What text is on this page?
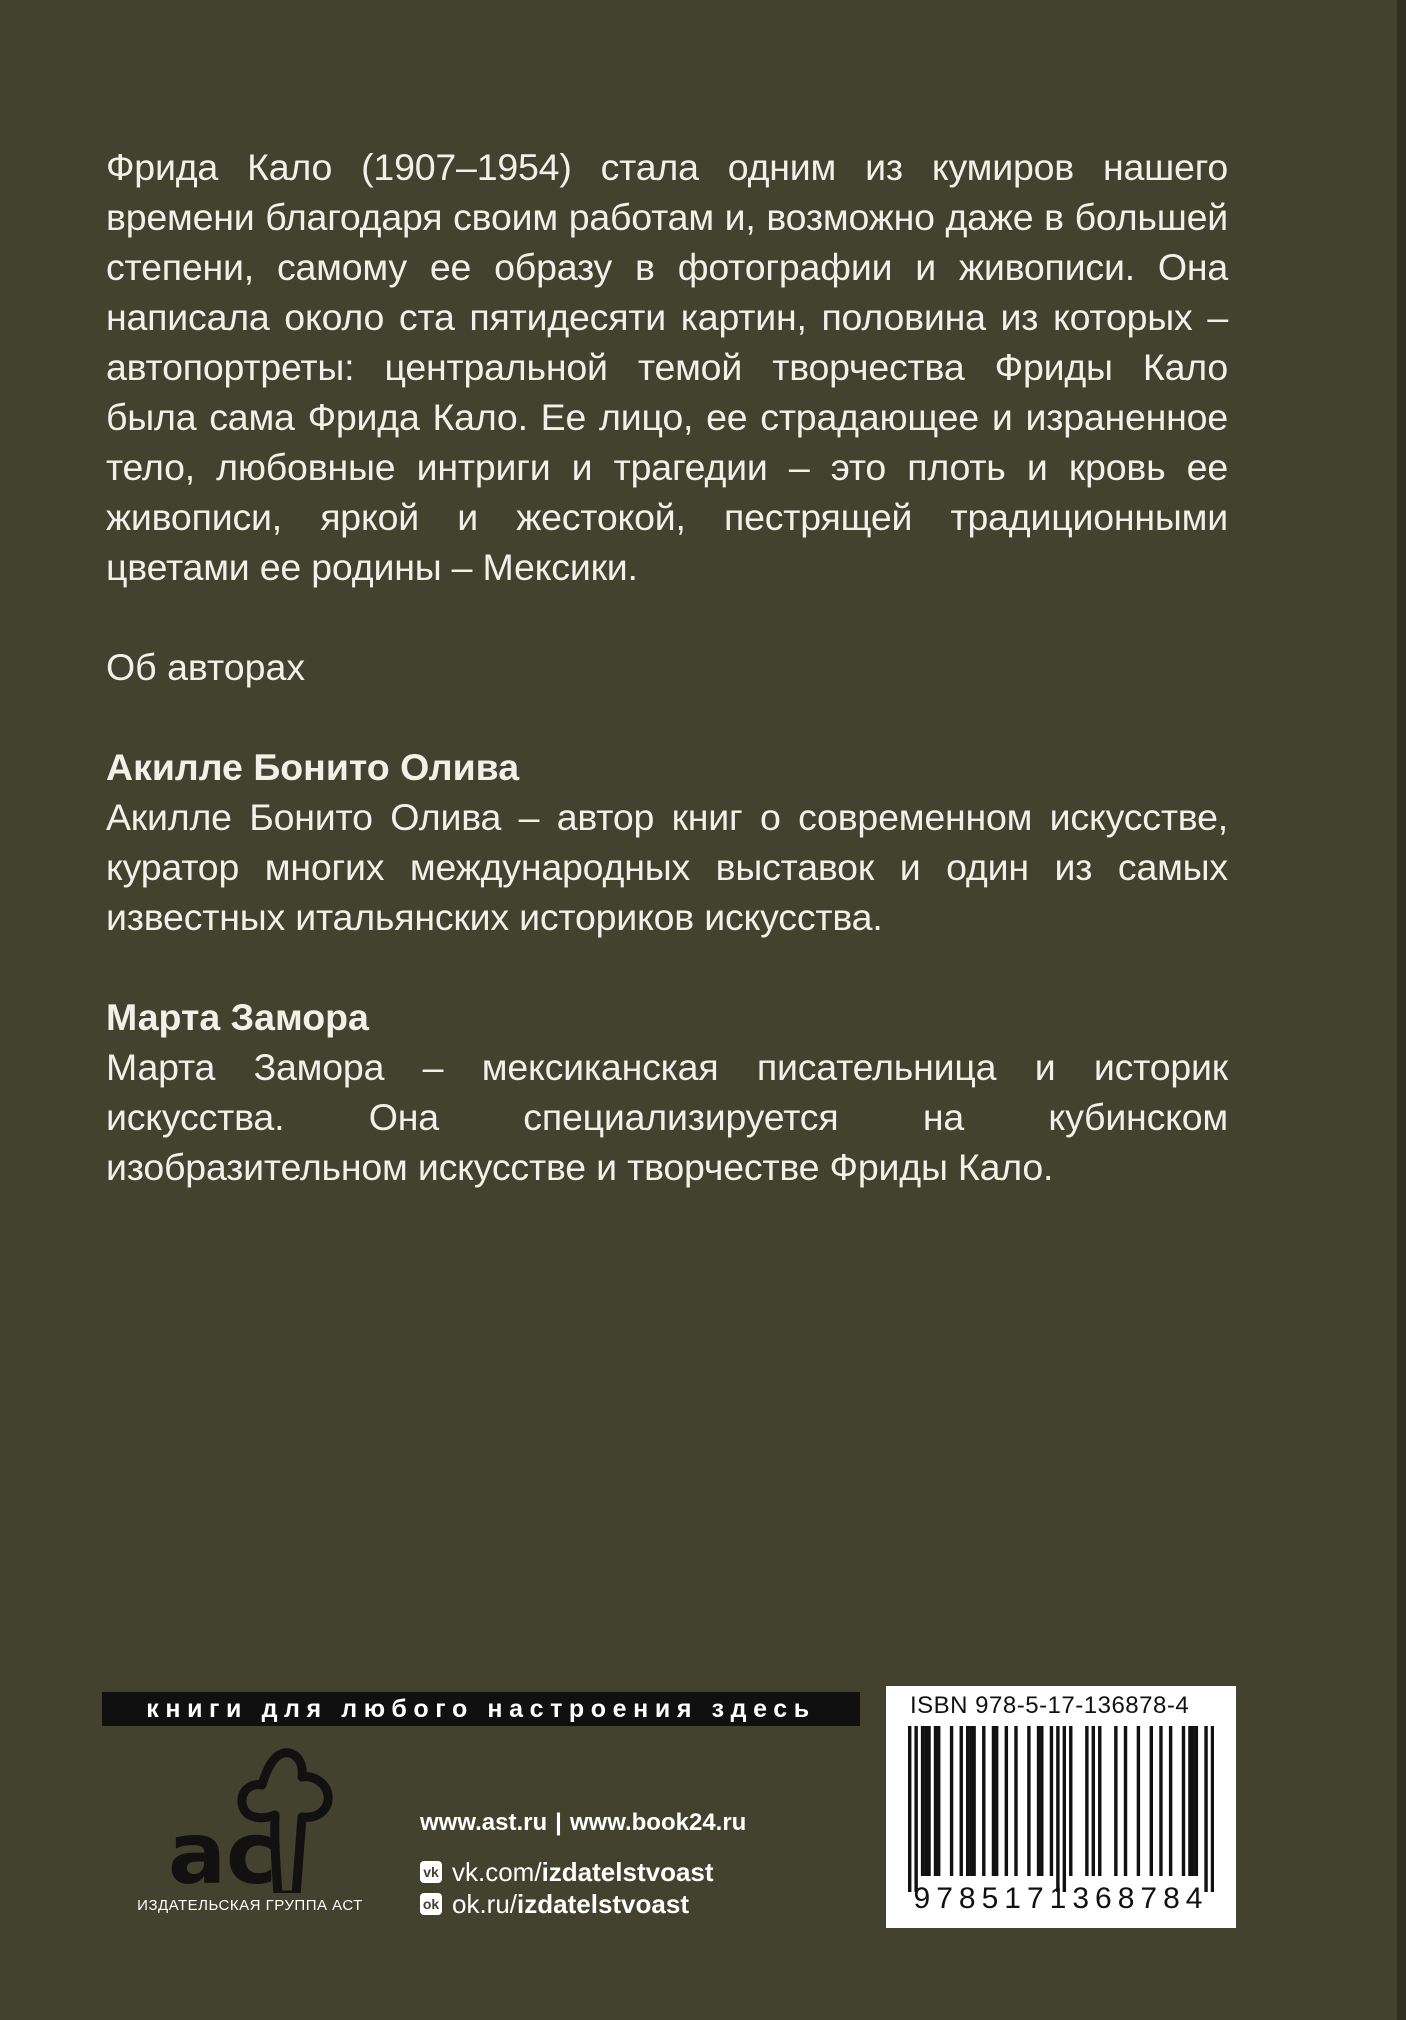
Фрида Кало (1907–1954) стала одним из кумиров нашего времени благодаря своим работам и, возможно даже в большей степени, самому ее образу в фотографии и живописи. Она написала около ста пятидесяти картин, половина из которых – автопортреты: центральной темой творчества Фриды Кало была сама Фрида Кало. Ее лицо, ее страдающее и израненное тело, любовные интриги и трагедии – это плоть и кровь ее живописи, яркой и жестокой, пестрящей традиционными цветами ее родины – Мексики.

Об авторах

Акилле Бонито Олива

Акилле Бонито Олива – автор книг о современном искусстве, куратор многих международных выставок и один из самых известных итальянских историков искусства.

Марта Замора

Марта Замора – мексиканская писательница и историк искусства. Она специализируется на кубинском изобразительном искусстве и творчестве Фриды Кало.

книги для любого настроения здесь
ac
ИЗДАТЕЛЬСКАЯ ГРУППА АСТ
www.ast.ru | www.book24.ru
vk vk.com/ izdatelstvoast
ok ok.ru/ izdatelstvoast
ISBN 978-5-17-136878-4
9785171368784
